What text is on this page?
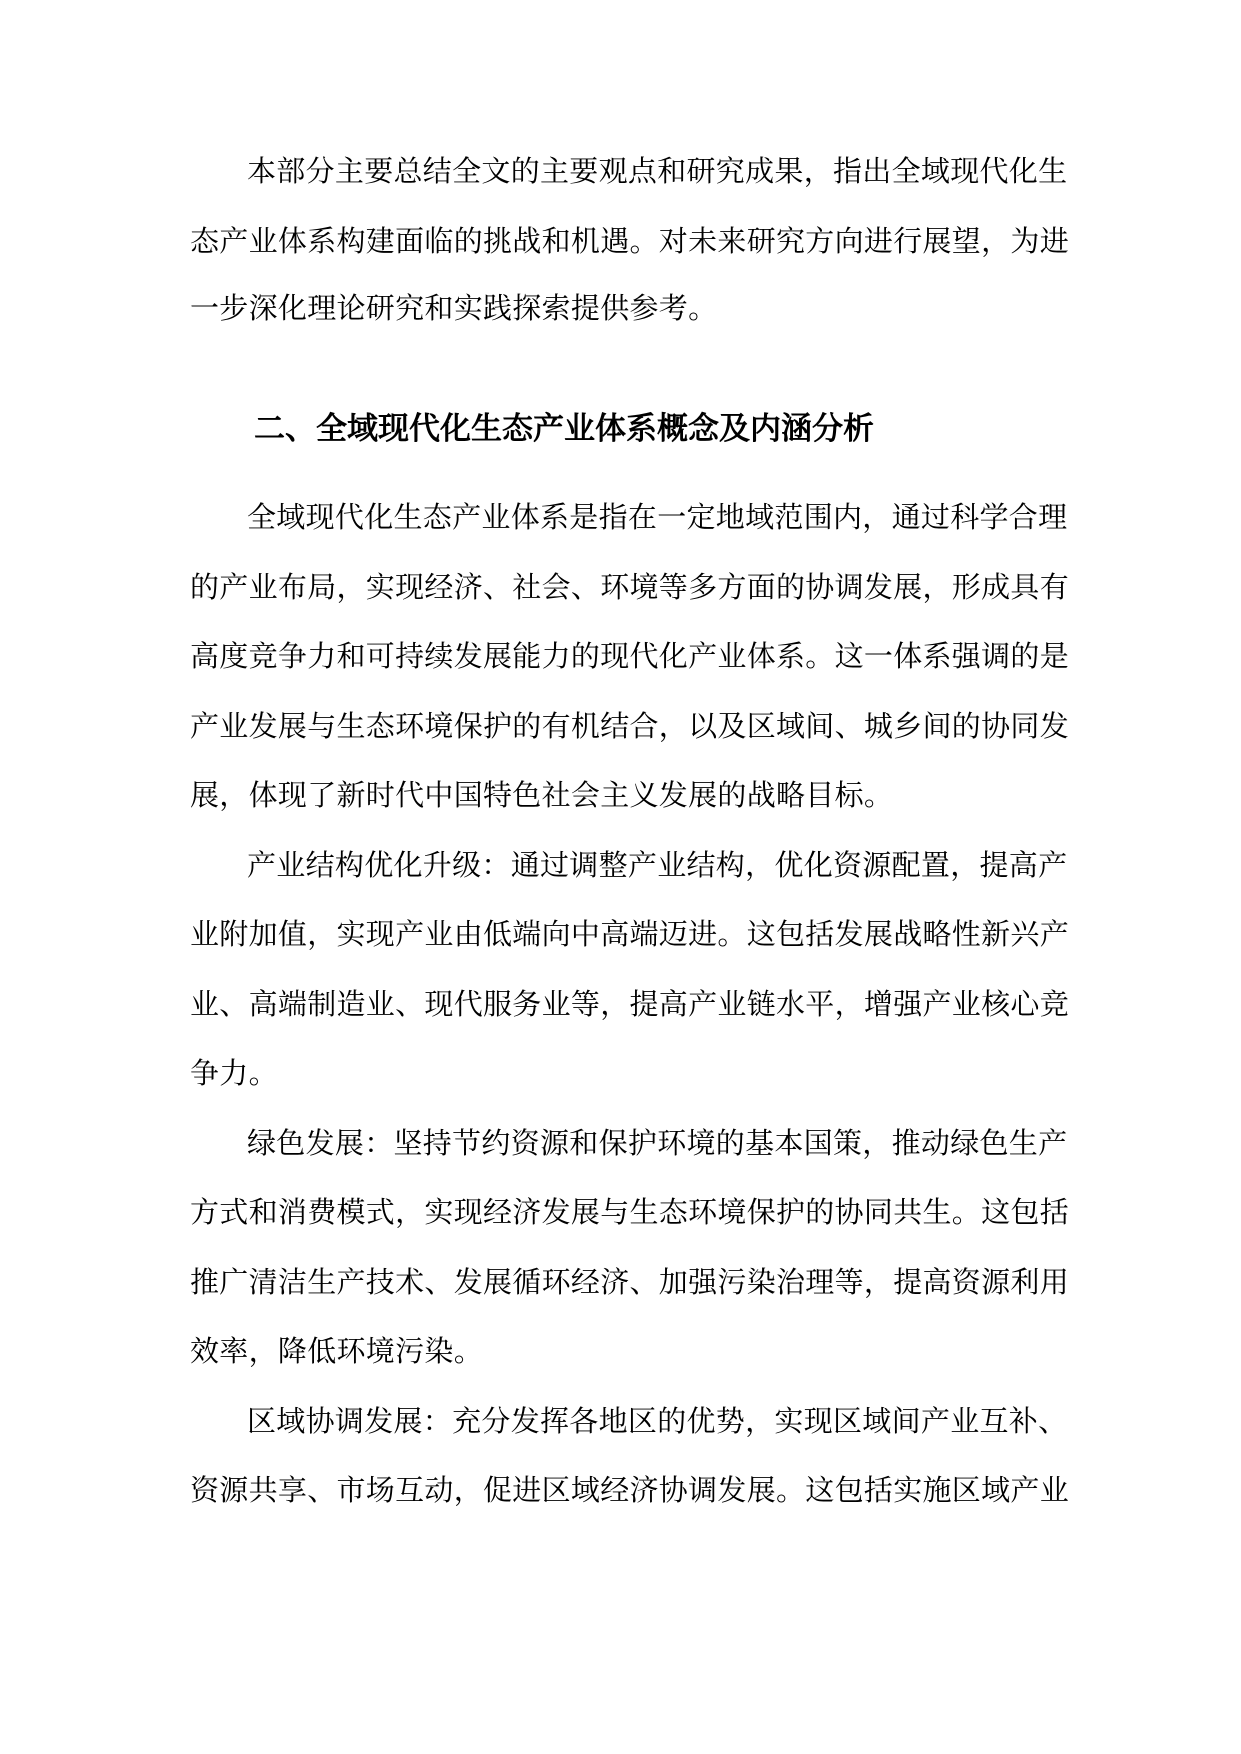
本部分主要总结全文的主要观点和研究成果，指出全域现代化生
态产业体系构建面临的挑战和机遇。对未来研究方向进行展望，为进
一步深化理论研究和实践探索提供参考。
二、全域现代化生态产业体系概念及内涵分析
全域现代化生态产业体系是指在一定地域范围内，通过科学合理
的产业布局，实现经济、社会、环境等多方面的协调发展，形成具有
高度竞争力和可持续发展能力的现代化产业体系。这一体系强调的是
产业发展与生态环境保护的有机结合，以及区域间、城乡间的协同发
展，体现了新时代中国特色社会主义发展的战略目标。
产业结构优化升级：通过调整产业结构，优化资源配置，提高产
业附加值，实现产业由低端向中高端迈进。这包括发展战略性新兴产
业、高端制造业、现代服务业等，提高产业链水平，增强产业核心竞
争力。
绿色发展：坚持节约资源和保护环境的基本国策，推动绿色生产
方式和消费模式，实现经济发展与生态环境保护的协同共生。这包括
推广清洁生产技术、发展循环经济、加强污染治理等，提高资源利用
效率，降低环境污染。
区域协调发展：充分发挥各地区的优势，实现区域间产业互补、
资源共享、市场互动，促进区域经济协调发展。这包括实施区域产业
